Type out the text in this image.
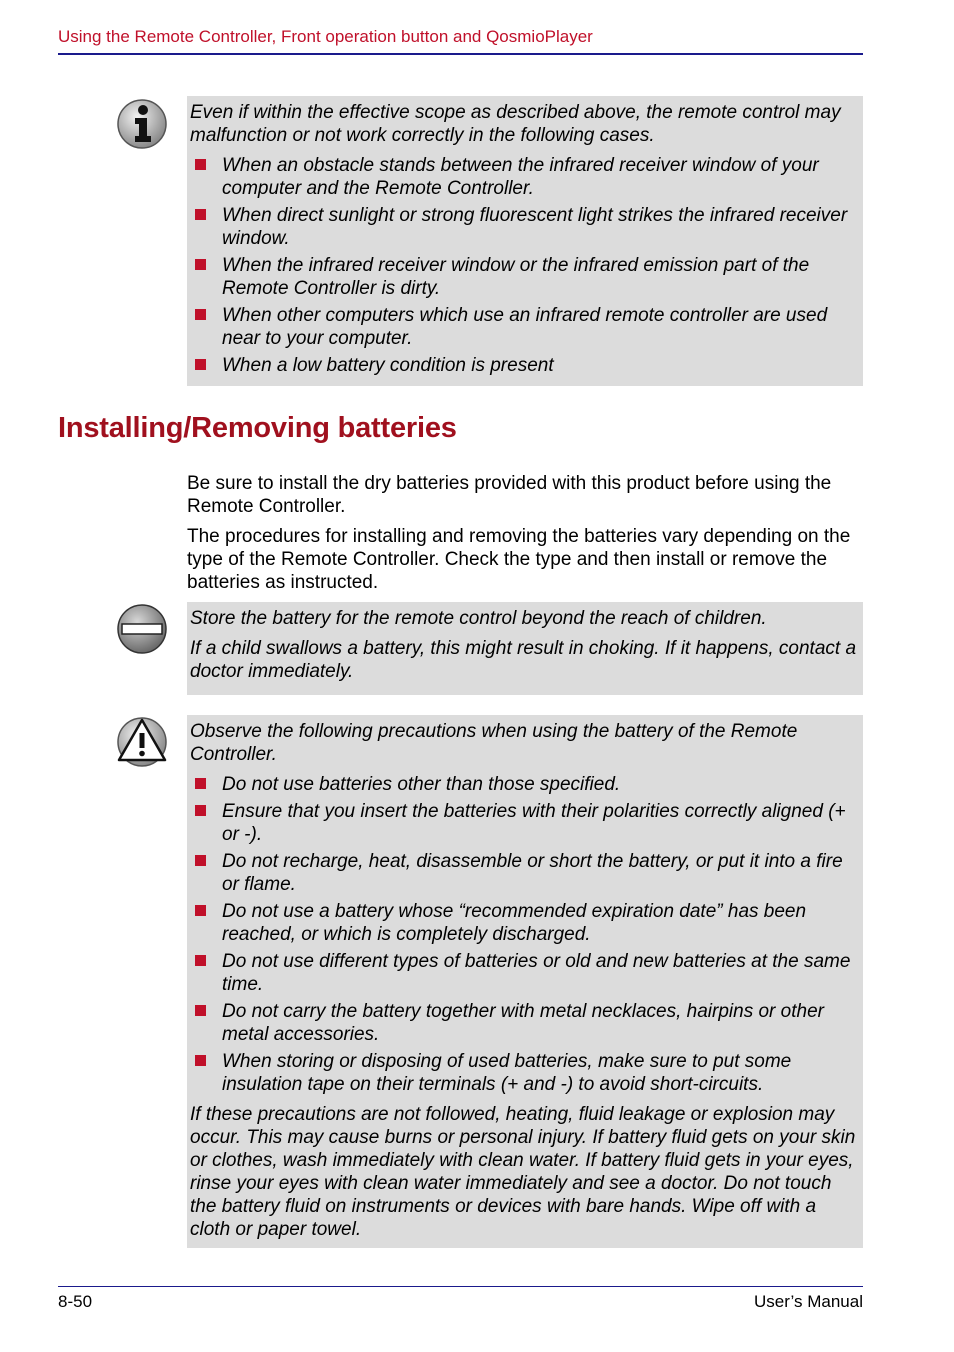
Using the Remote Controller, Front operation button and QosmioPlayer

Even if within the effective scope as described above, the remote control may malfunction or not work correctly in the following cases.

When an obstacle stands between the infrared receiver window of your computer and the Remote Controller.
When direct sunlight or strong fluorescent light strikes the infrared receiver window.
When the infrared receiver window or the infrared emission part of the Remote Controller is dirty.
When other computers which use an infrared remote controller are used near to your computer.
When a low battery condition is present
Installing/Removing batteries

Be sure to install the dry batteries provided with this product before using the Remote Controller.

The procedures for installing and removing the batteries vary depending on the type of the Remote Controller. Check the type and then install or remove the batteries as instructed.

Store the battery for the remote control beyond the reach of children.

If a child swallows a battery, this might result in choking. If it happens, contact a doctor immediately.

Observe the following precautions when using the battery of the Remote Controller.

Do not use batteries other than those specified.
Ensure that you insert the batteries with their polarities correctly aligned (+ or -).
Do not recharge, heat, disassemble or short the battery, or put it into a fire or flame.
Do not use a battery whose “recommended expiration date” has been reached, or which is completely discharged.
Do not use different types of batteries or old and new batteries at the same time.
Do not carry the battery together with metal necklaces, hairpins or other metal accessories.
When storing or disposing of used batteries, make sure to put some insulation tape on their terminals (+ and -) to avoid short-circuits.

If these precautions are not followed, heating, fluid leakage or explosion may occur. This may cause burns or personal injury. If battery fluid gets on your skin or clothes, wash immediately with clean water. If battery fluid gets in your eyes, rinse your eyes with clean water immediately and see a doctor. Do not touch the battery fluid on instruments or devices with bare hands. Wipe off with a cloth or paper towel.

8-50	User’s Manual
